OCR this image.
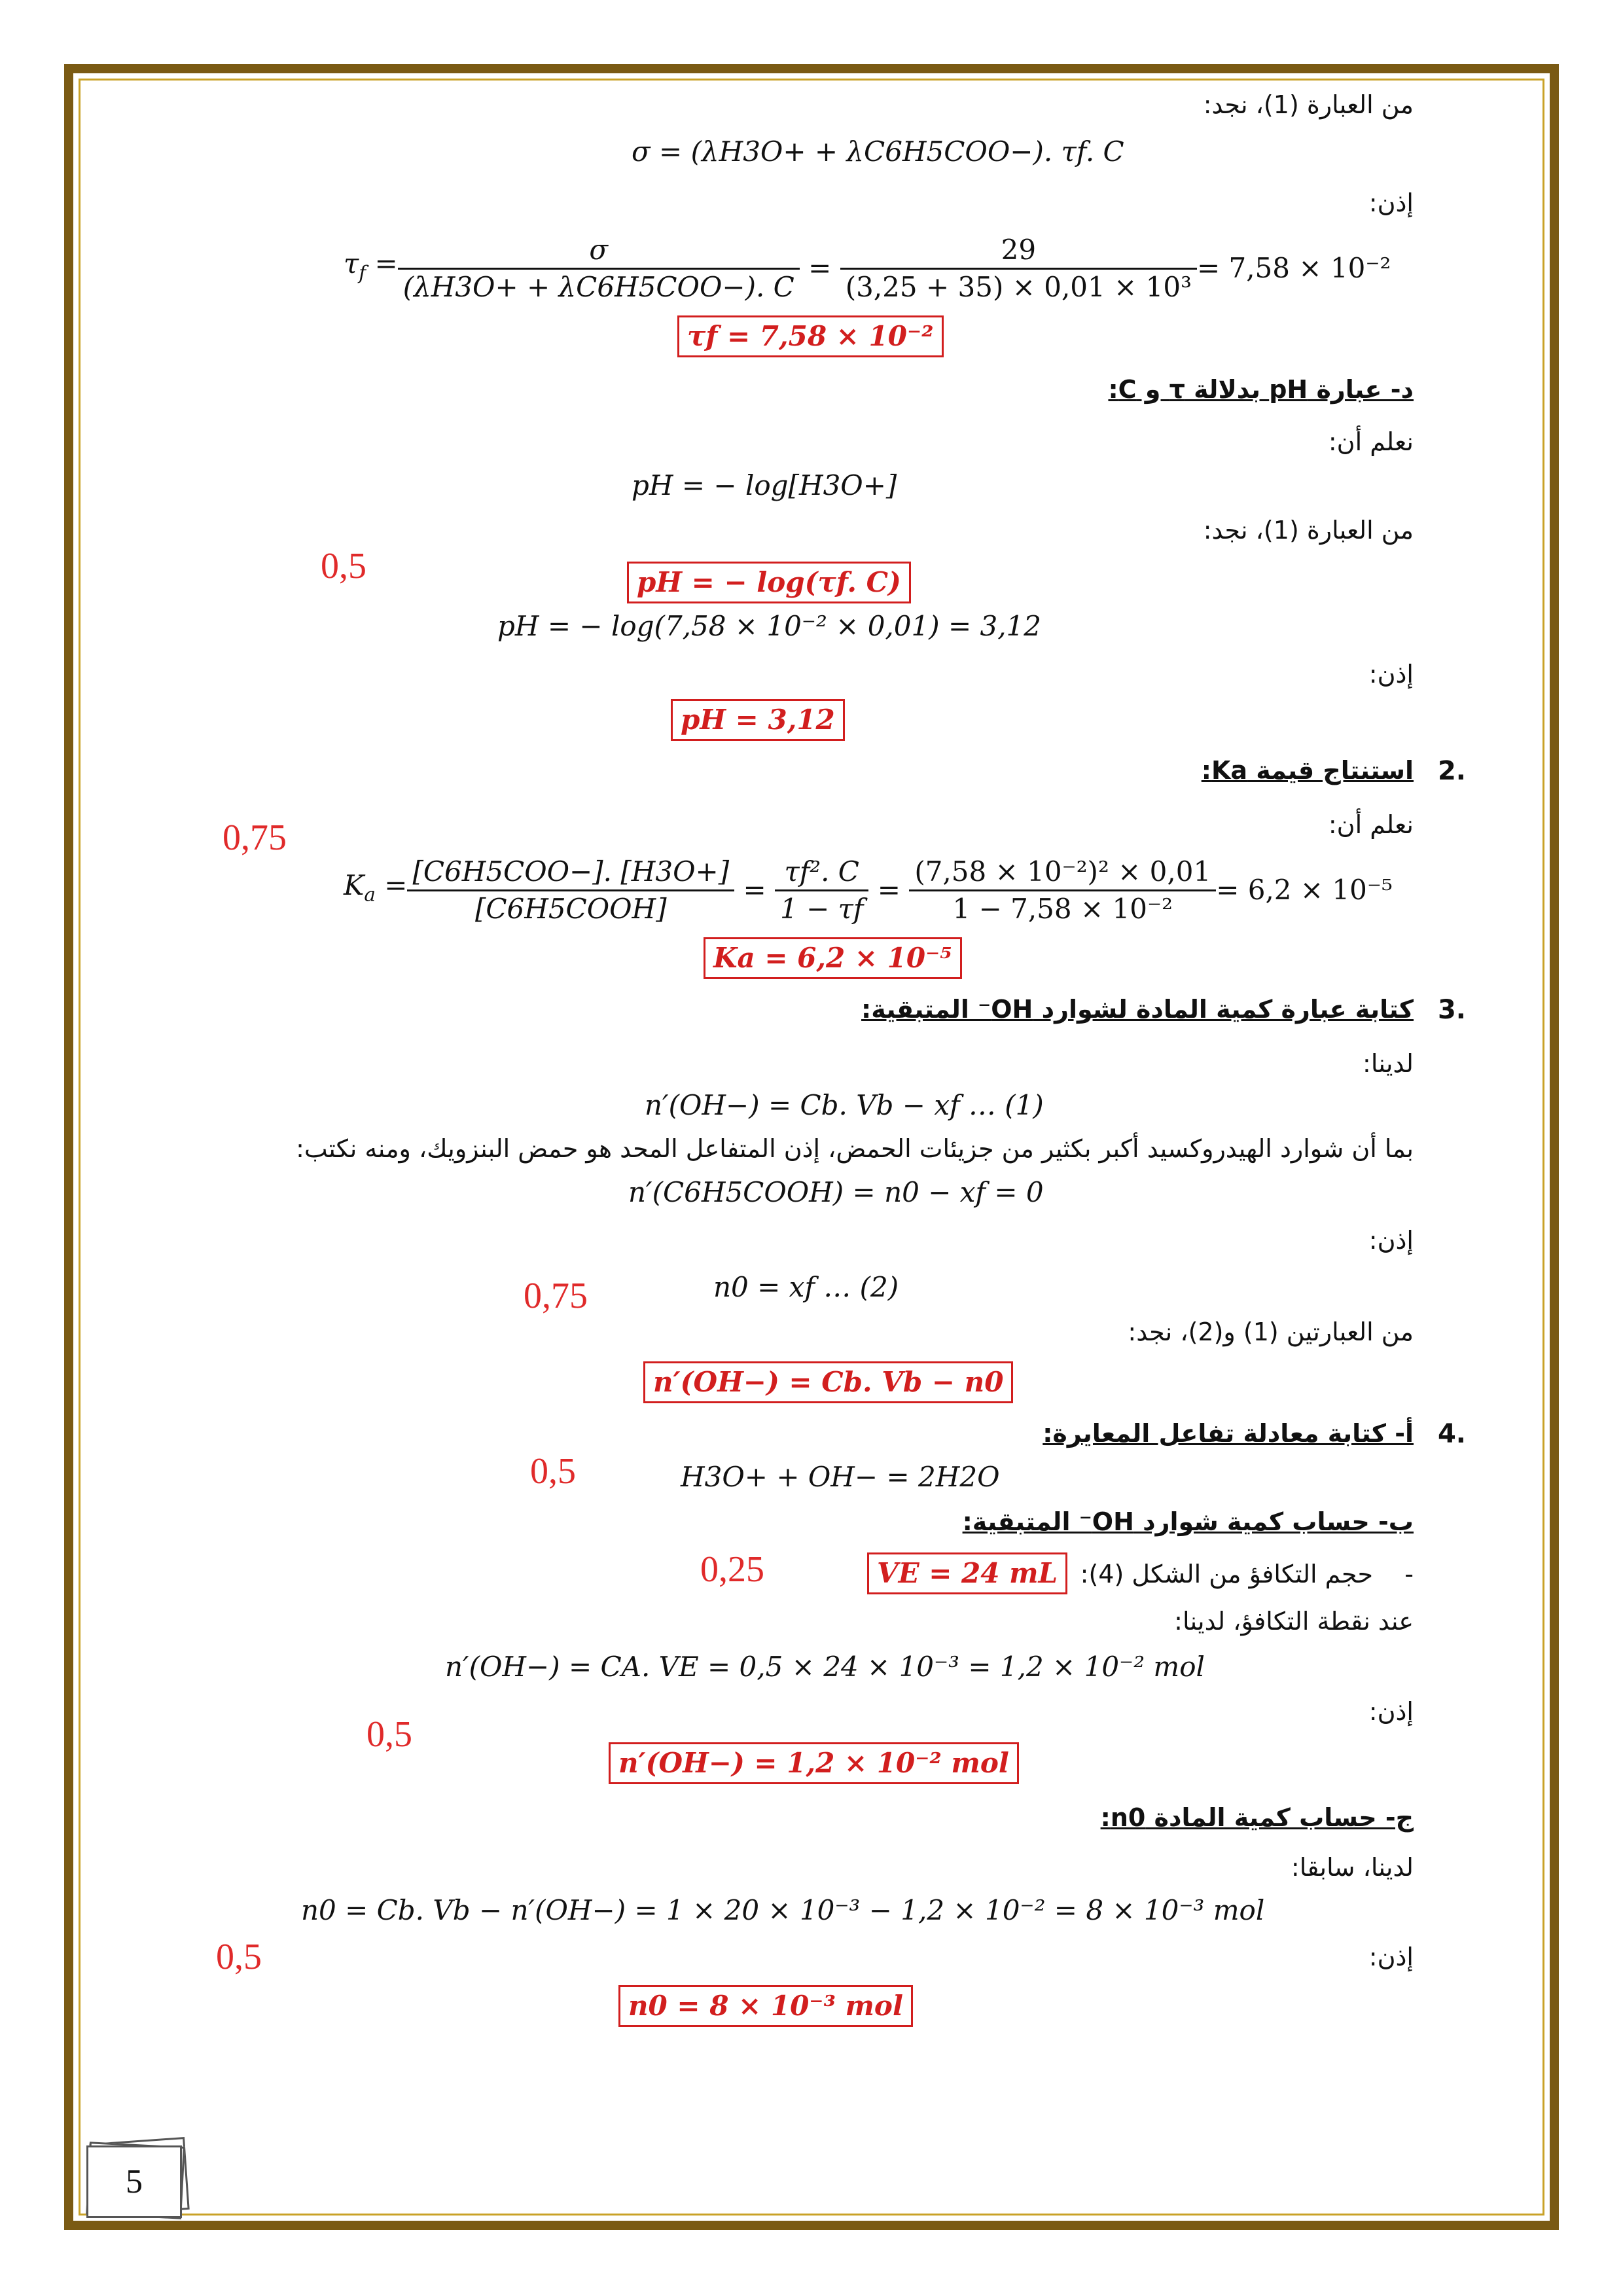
من العبارة (1)، نجد:
σ = (λH3O+ + λC6H5COO−). τf. C
إذن:
$\tau_f = \frac{\sigma}{\text{(λH3O+ + λC6H5COO−). C}} = \frac{29}{\text{(3,25 + 35) × 0,01 × 10³}} = 7,58 \times 10^{-2}$
τf = 7,58 × 10⁻²
د- عبارة pH بدلالة τ و C:
نعلم أن:
pH = − log[H3O+]
من العبارة (1)، نجد:
0,5	pH = − log(τf. C)
pH = − log(7,58 × 10⁻² × 0,01) = 3,12
إذن:
pH = 3,12
2.
استنتاج قيمة Ka:
0,75	نعلم أن:
$K_a = \frac{\text{[C6H5COO−]. [H3O+]}}{\text{[C6H5COOH]}} = \frac{\text{τf². C}}{1 - \tau f} = \frac{\text{(7,58 × 10⁻²)² × 0,01}}{\text{1 − 7,58 × 10⁻²}} = 6,2 \times 10^{-5}$
Ka = 6,2 × 10⁻⁵
3.
كتابة عبارة كمية المادة لشوارد OH⁻ المتبقية:
لدينا:
n′(OH−) = Cb. Vb − xf … (1)
بما أن شوارد الهيدروكسيد أكبر بكثير من جزيئات الحمض، إذن المتفاعل المحد هو حمض البنزويك، ومنه نكتب:
n′(C6H5COOH) = n0 − xf = 0
إذن:
0,75	n0 = xf … (2)
من العبارتين (1) و(2)، نجد:
n′(OH−) = Cb. Vb − n0
4.
أ- كتابة معادلة تفاعل المعايرة:
0,5	H3O+ + OH− = 2H2O
ب- حساب كمية شوارد OH⁻ المتبقية:
-    حجم التكافؤ من الشكل (4):
VE = 24 mL
0,25
عند نقطة التكافؤ، لدينا:
n′(OH−) = CA. VE = 0,5 × 24 × 10⁻³ = 1,2 × 10⁻² mol
إذن:
0,5
n′(OH−) = 1,2 × 10⁻² mol
ج- حساب كمية المادة n0:
لدينا، سابقا:
n0 = Cb. Vb − n′(OH−) = 1 × 20 × 10⁻³ − 1,2 × 10⁻² = 8 × 10⁻³ mol
0,5	إذن:
n0 = 8 × 10⁻³ mol
5
